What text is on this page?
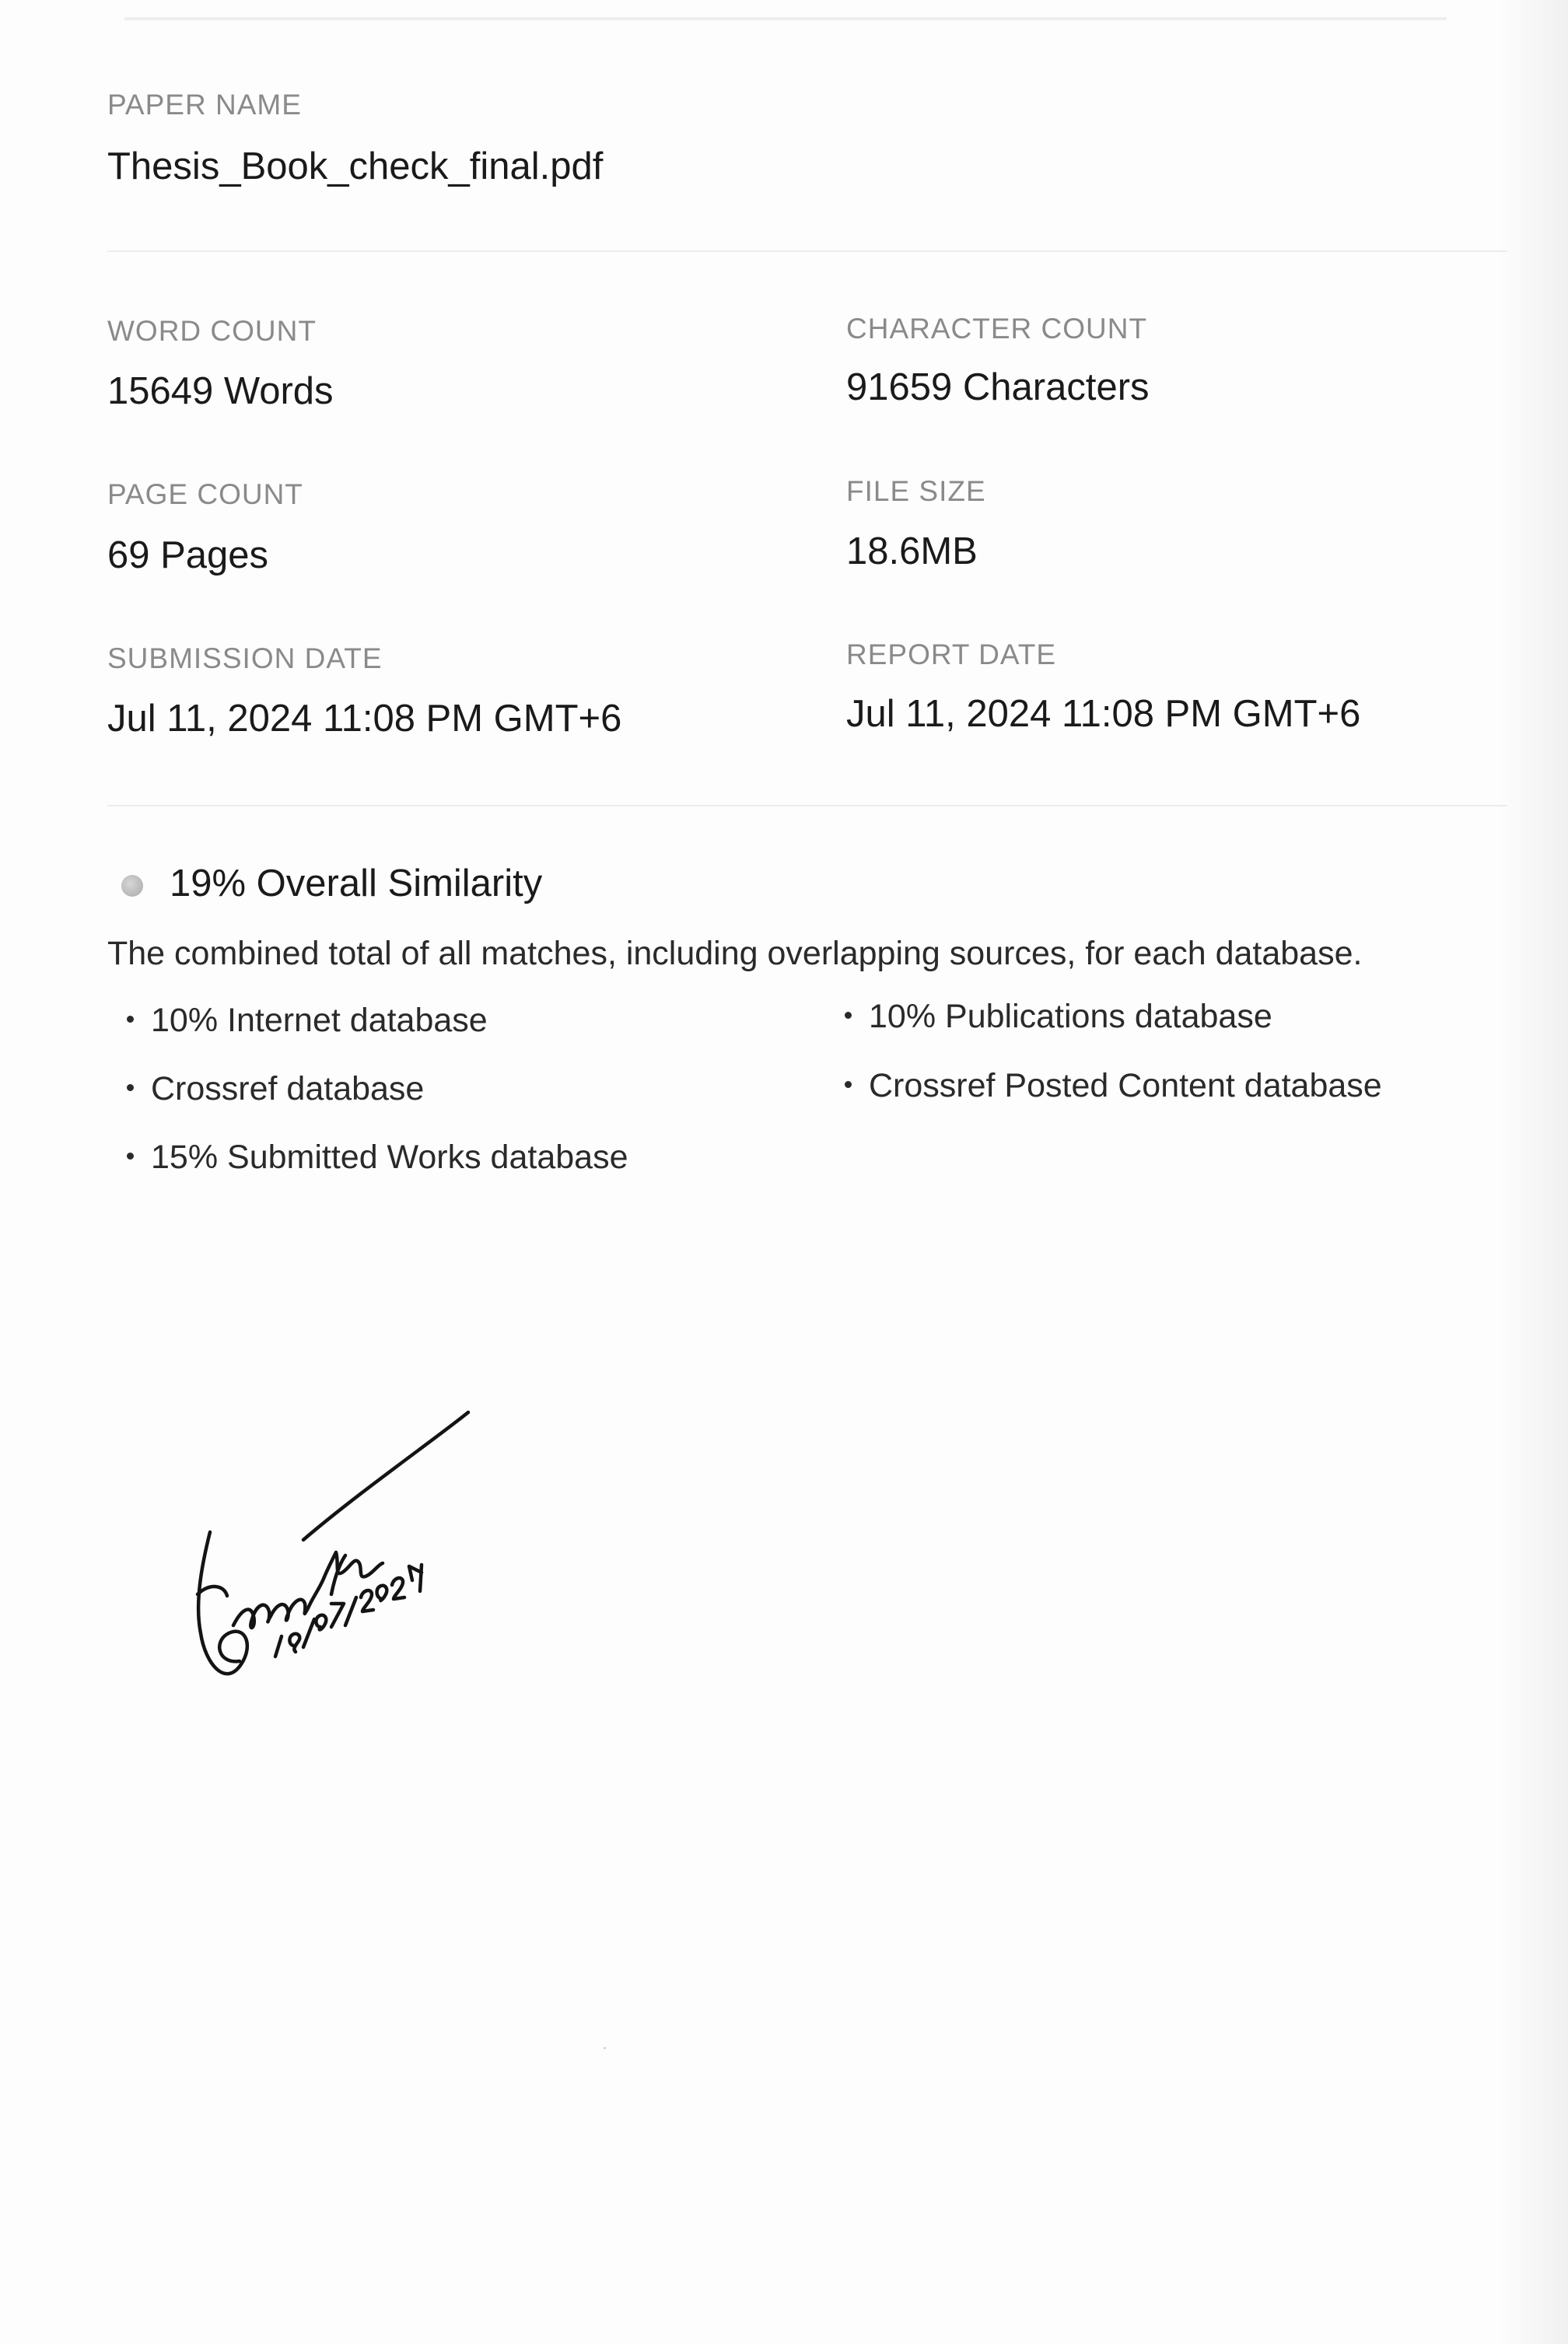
PAPER NAME
Thesis_Book_check_final.pdf
WORD COUNT
15649 Words
PAGE COUNT
69 Pages
SUBMISSION DATE
Jul 11, 2024 11:08 PM GMT+6
CHARACTER COUNT
91659 Characters
FILE SIZE
18.6MB
REPORT DATE
Jul 11, 2024 11:08 PM GMT+6
19% Overall Similarity
The combined total of all matches, including overlapping sources, for each database.
10% Internet database	10% Publications database
Crossref database	Crossref Posted Content database
15% Submitted Works database
